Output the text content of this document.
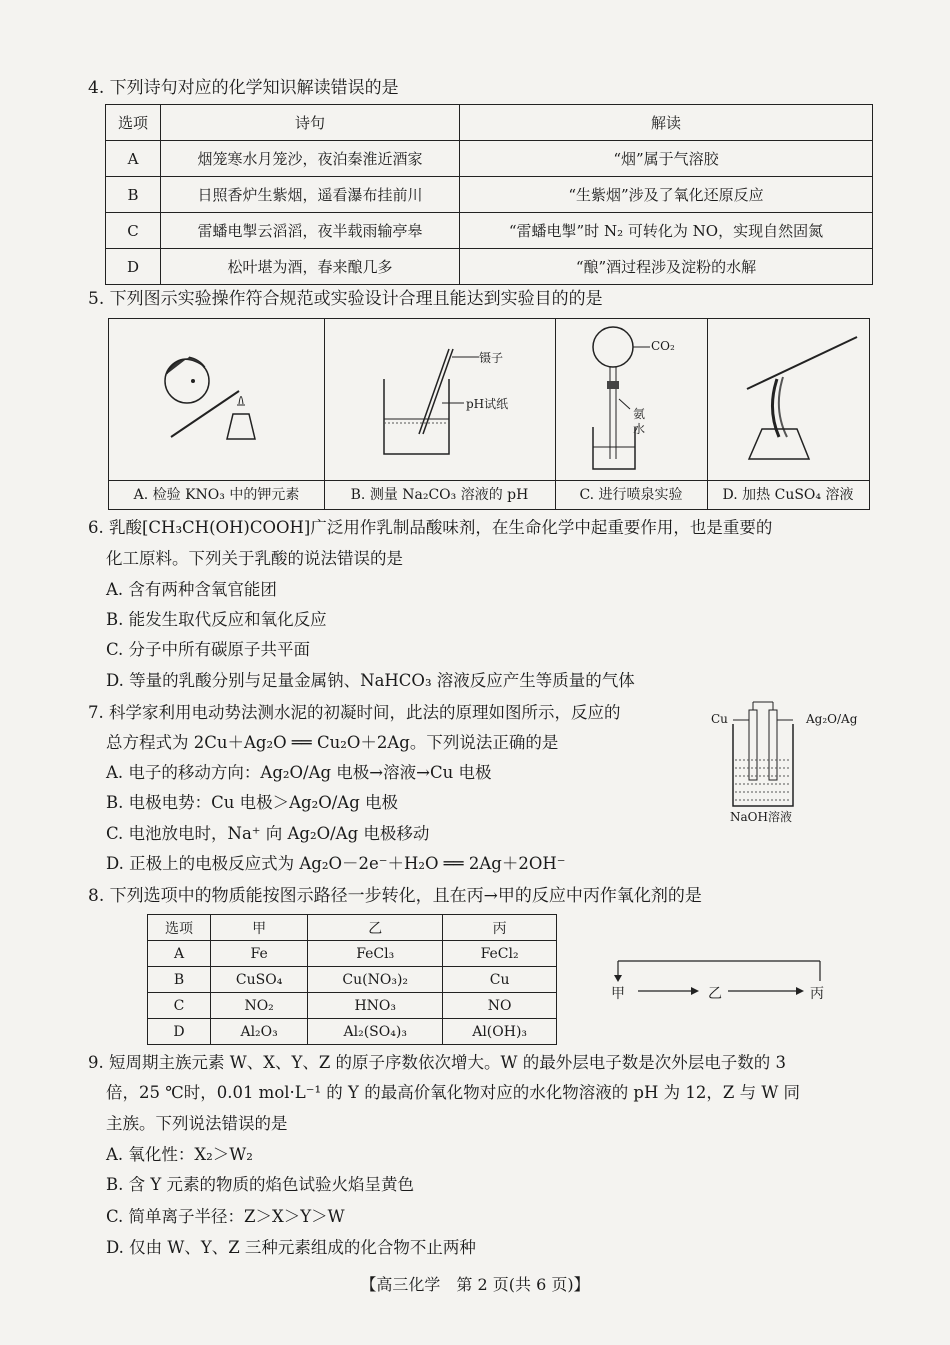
4. 下列诗句对应的化学知识解读错误的是
选项	诗句	解读
A	烟笼寒水月笼沙，夜泊秦淮近酒家	“烟”属于气溶胶
B	日照香炉生紫烟，遥看瀑布挂前川	“生紫烟”涉及了氧化还原反应
C	雷蟠电掣云滔滔，夜半载雨输亭皋	“雷蟠电掣”时 N₂ 可转化为 NO，实现自然固氮
D	松叶堪为酒，春来酿几多	“酿”酒过程涉及淀粉的水解
5. 下列图示实验操作符合规范或实验设计合理且能达到实验目的的是
A. 检验 KNO₃ 中的钾元素
镊子
pH试纸
B. 测量 Na₂CO₃ 溶液的 pH
CO₂
氨
水
C. 进行喷泉实验	D. 加热 CuSO₄ 溶液
6. 乳酸[CH₃CH(OH)COOH]广泛用作乳制品酸味剂，在生命化学中起重要作用，也是重要的
化工原料。下列关于乳酸的说法错误的是
A. 含有两种含氧官能团
B. 能发生取代反应和氧化反应
C. 分子中所有碳原子共平面
D. 等量的乳酸分别与足量金属钠、NaHCO₃ 溶液反应产生等质量的气体
7. 科学家利用电动势法测水泥的初凝时间，此法的原理如图所示，反应的
总方程式为 2Cu＋Ag₂O ══ Cu₂O＋2Ag。下列说法正确的是
A. 电子的移动方向：Ag₂O/Ag 电极→溶液→Cu 电极
B. 电极电势：Cu 电极＞Ag₂O/Ag 电极
C. 电池放电时，Na⁺ 向 Ag₂O/Ag 电极移动
D. 正极上的电极反应式为 Ag₂O－2e⁻＋H₂O ══ 2Ag＋2OH⁻
Cu	Ag₂O/Ag
NaOH溶液
8. 下列选项中的物质能按图示路径一步转化，且在丙→甲的反应中丙作氧化剂的是
选项	甲	乙	丙
A	Fe	FeCl₃	FeCl₂
B	CuSO₄	Cu(NO₃)₂	Cu
C	NO₂	HNO₃	NO
D	Al₂O₃	Al₂(SO₄)₃	Al(OH)₃
甲	乙	丙
9. 短周期主族元素 W、X、Y、Z 的原子序数依次增大。W 的最外层电子数是次外层电子数的 3
倍，25 ℃时，0.01 mol·L⁻¹ 的 Y 的最高价氧化物对应的水化物溶液的 pH 为 12，Z 与 W 同
主族。下列说法错误的是
A. 氧化性：X₂＞W₂
B. 含 Y 元素的物质的焰色试验火焰呈黄色
C. 简单离子半径：Z＞X＞Y＞W
D. 仅由 W、Y、Z 三种元素组成的化合物不止两种
【高三化学　第 2 页(共 6 页)】
